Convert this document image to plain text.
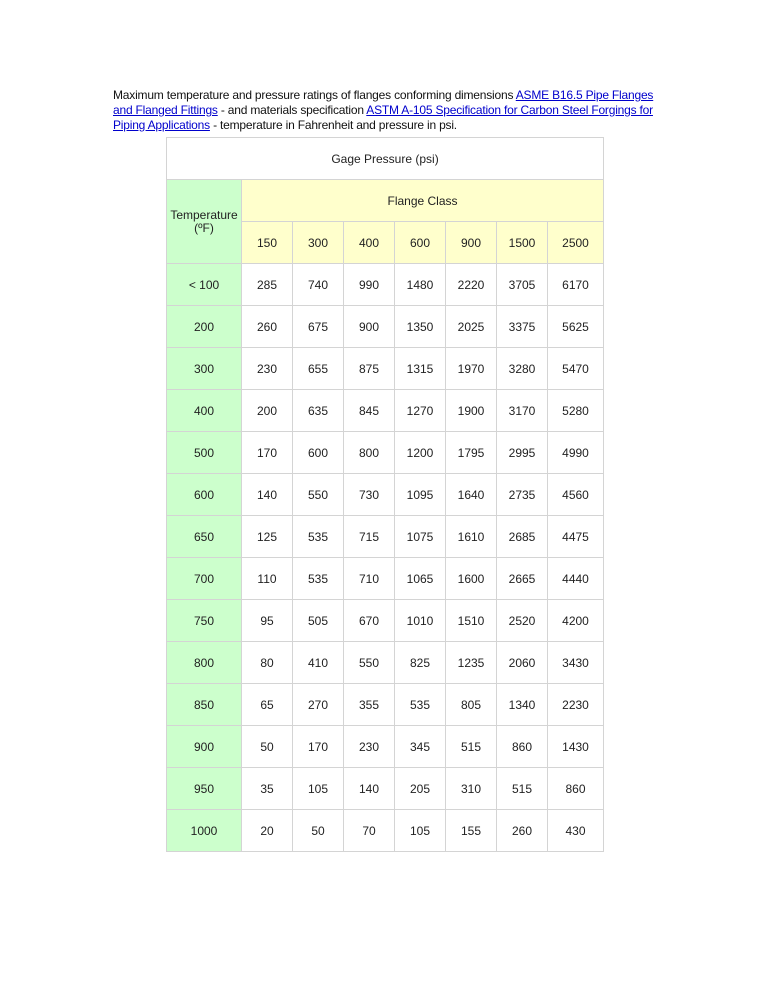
Maximum temperature and pressure ratings of flanges conforming dimensions ASME B16.5 Pipe Flanges and Flanged Fittings - and materials specification ASTM A-105 Specification for Carbon Steel Forgings for Piping Applications - temperature in Fahrenheit and pressure in psi.
Gage Pressure (psi)							
Temperature (ºF)	Flange Class						
	150	300	400	600	900	1500	2500
< 100	285	740	990	1480	2220	3705	6170
200	260	675	900	1350	2025	3375	5625
300	230	655	875	1315	1970	3280	5470
400	200	635	845	1270	1900	3170	5280
500	170	600	800	1200	1795	2995	4990
600	140	550	730	1095	1640	2735	4560
650	125	535	715	1075	1610	2685	4475
700	110	535	710	1065	1600	2665	4440
750	95	505	670	1010	1510	2520	4200
800	80	410	550	825	1235	2060	3430
850	65	270	355	535	805	1340	2230
900	50	170	230	345	515	860	1430
950	35	105	140	205	310	515	860
1000	20	50	70	105	155	260	430
